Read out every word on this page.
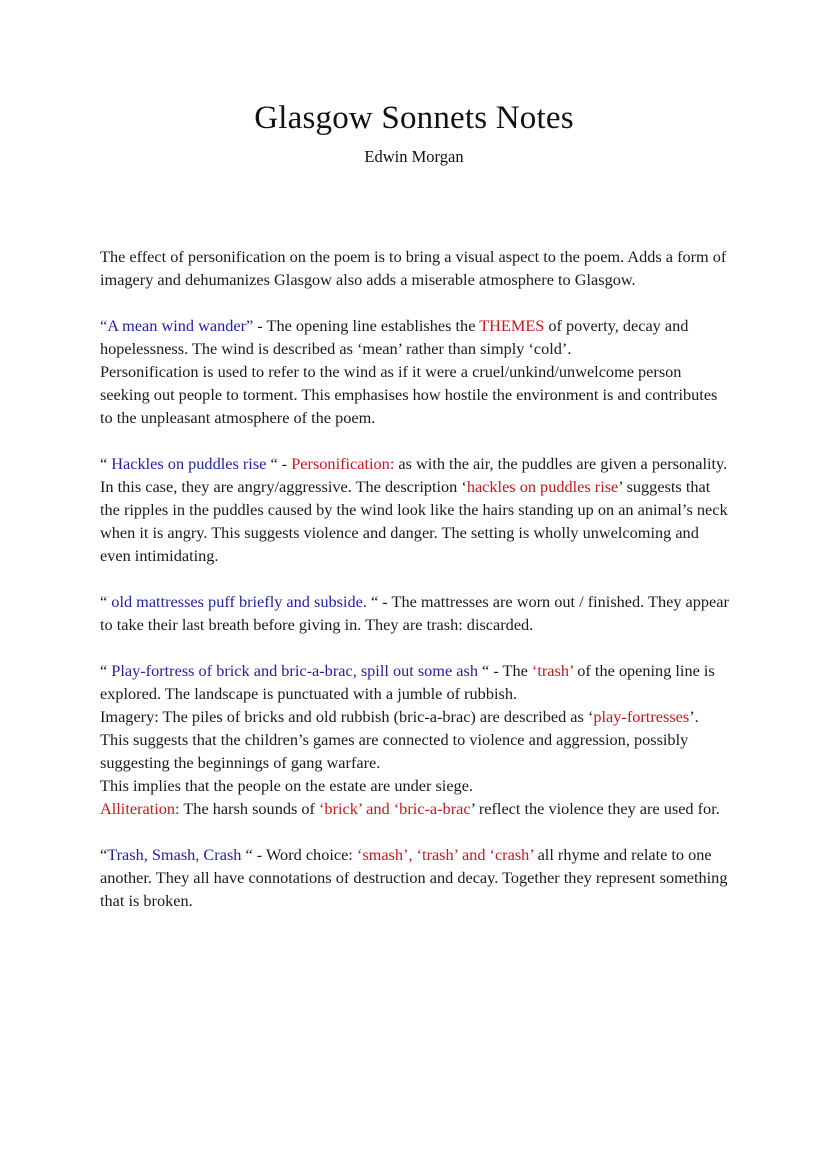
Glasgow Sonnets Notes
Edwin Morgan

The effect of personification on the poem is to bring a visual aspect to the poem. Adds a form of imagery and dehumanizes Glasgow also adds a miserable atmosphere to Glasgow.

“A mean wind wander” - The opening line establishes the THEMES of poverty, decay and hopelessness. The wind is described as ‘mean’ rather than simply ‘cold’.
Personification is used to refer to the wind as if it were a cruel/unkind/unwelcome person seeking out people to torment. This emphasises how hostile the environment is and contributes to the unpleasant atmosphere of the poem.

“ Hackles on puddles rise “ - Personification: as with the air, the puddles are given a personality. In this case, they are angry/aggressive. The description ‘hackles on puddles rise’ suggests that the ripples in the puddles caused by the wind look like the hairs standing up on an animal’s neck when it is angry. This suggests violence and danger. The setting is wholly unwelcoming and even intimidating.

“ old mattresses puff briefly and subside. “ - The mattresses are worn out / finished. They appear to take their last breath before giving in. They are trash: discarded.

“ Play-fortress of brick and bric-a-brac, spill out some ash “ - The ‘trash’ of the opening line is explored. The landscape is punctuated with a jumble of rubbish.
Imagery: The piles of bricks and old rubbish (bric-a-brac) are described as ‘play-fortresses’. This suggests that the children’s games are connected to violence and aggression, possibly suggesting the beginnings of gang warfare.
This implies that the people on the estate are under siege.
Alliteration: The harsh sounds of ‘brick’ and ‘bric-a-brac’ reflect the violence they are used for.

“Trash, Smash, Crash “ - Word choice: ‘smash’, ‘trash’ and ‘crash’ all rhyme and relate to one another. They all have connotations of destruction and decay. Together they represent something that is broken.
